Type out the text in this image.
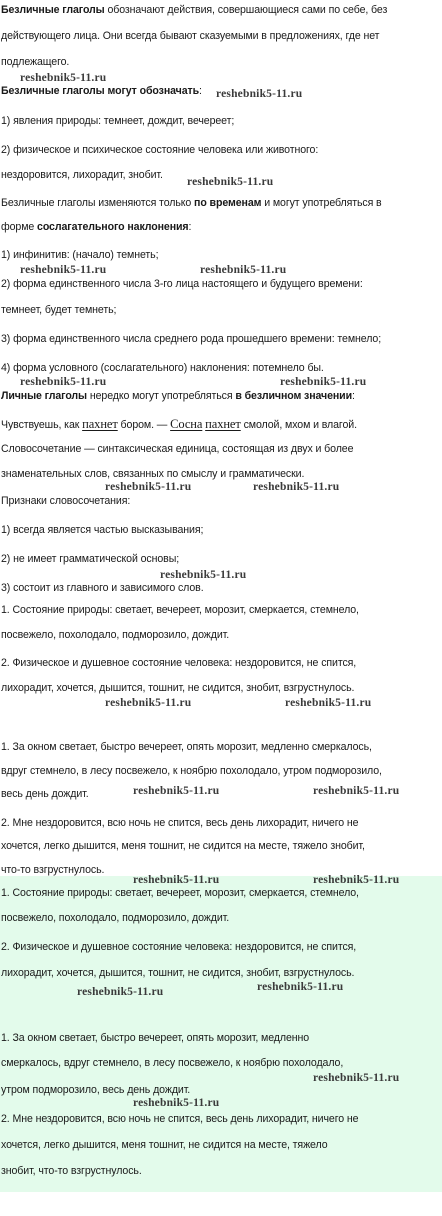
Безличные глаголы обозначают действия, совершающиеся сами по себе, без
действующего лица. Они всегда бывают сказуемыми в предложениях, где нет
подлежащего.
reshebnik5-11.ru
Безличные глаголы могут обозначать: reshebnik5-11.ru
1) явления природы: темнеет, дождит, вечереет;
2) физическое и психическое состояние человека или животного:
нездоровится, лихорадит, знобит.
reshebnik5-11.ru
Безличные глаголы изменяются только по временам и могут употребляться в
форме сослагательного наклонения:
1) инфинитив: (начало) темнеть;
reshebnik5-11.ru	reshebnik5-11.ru
2) форма единственного числа 3-го лица настоящего и будущего времени:
темнеет, будет темнеть;
3) форма единственного числа среднего рода прошедшего времени: темнело;
4) форма условного (сослагательного) наклонения: потемнело бы.
reshebnik5-11.ru	reshebnik5-11.ru
Личные глаголы нередко могут употребляться в безличном значении:
Чувствуешь, как пахнет бором. — Сосна пахнет смолой, мхом и влагой.
Словосочетание — синтаксическая единица, состоящая из двух и более
знаменательных слов, связанных по смыслу и грамматически.
reshebnik5-11.ru	reshebnik5-11.ru
Признаки словосочетания:
1) всегда является частью высказывания;
2) не имеет грамматической основы;
reshebnik5-11.ru
3) состоит из главного и зависимого слов.
1. Состояние природы: светает, вечереет, морозит, смеркается, стемнело,
посвежело, похолодало, подморозило, дождит.
2. Физическое и душевное состояние человека: нездоровится, не спится,
лихорадит, хочется, дышится, тошнит, не сидится, знобит, взгрустнулось.
reshebnik5-11.ru	reshebnik5-11.ru
1. За окном светает, быстро вечереет, опять морозит, медленно смеркалось,
вдруг стемнело, в лесу посвежело, к ноябрю похолодало, утром подморозило,
весь день дождит.	reshebnik5-11.ru	reshebnik5-11.ru
2. Мне нездоровится, всю ночь не спится, весь день лихорадит, ничего не
хочется, легко дышится, меня тошнит, не сидится на месте, тяжело знобит,
что-то взгрустнулось.
reshebnik5-11.ru	reshebnik5-11.ru
1. Состояние природы: светает, вечереет, морозит, смеркается, стемнело,
посвежело, похолодало, подморозило, дождит.
2. Физическое и душевное состояние человека: нездоровится, не спится,
лихорадит, хочется, дышится, тошнит, не сидится, знобит, взгрустнулось.
reshebnik5-11.ru	reshebnik5-11.ru
1. За окном светает, быстро вечереет, опять морозит, медленно
смеркалось, вдруг стемнело, в лесу посвежело, к ноябрю похолодало,
reshebnik5-11.ru
утром подморозило, весь день дождит.
reshebnik5-11.ru
2. Мне нездоровится, всю ночь не спится, весь день лихорадит, ничего не
хочется, легко дышится, меня тошнит, не сидится на месте, тяжело
знобит, что-то взгрустнулось.
